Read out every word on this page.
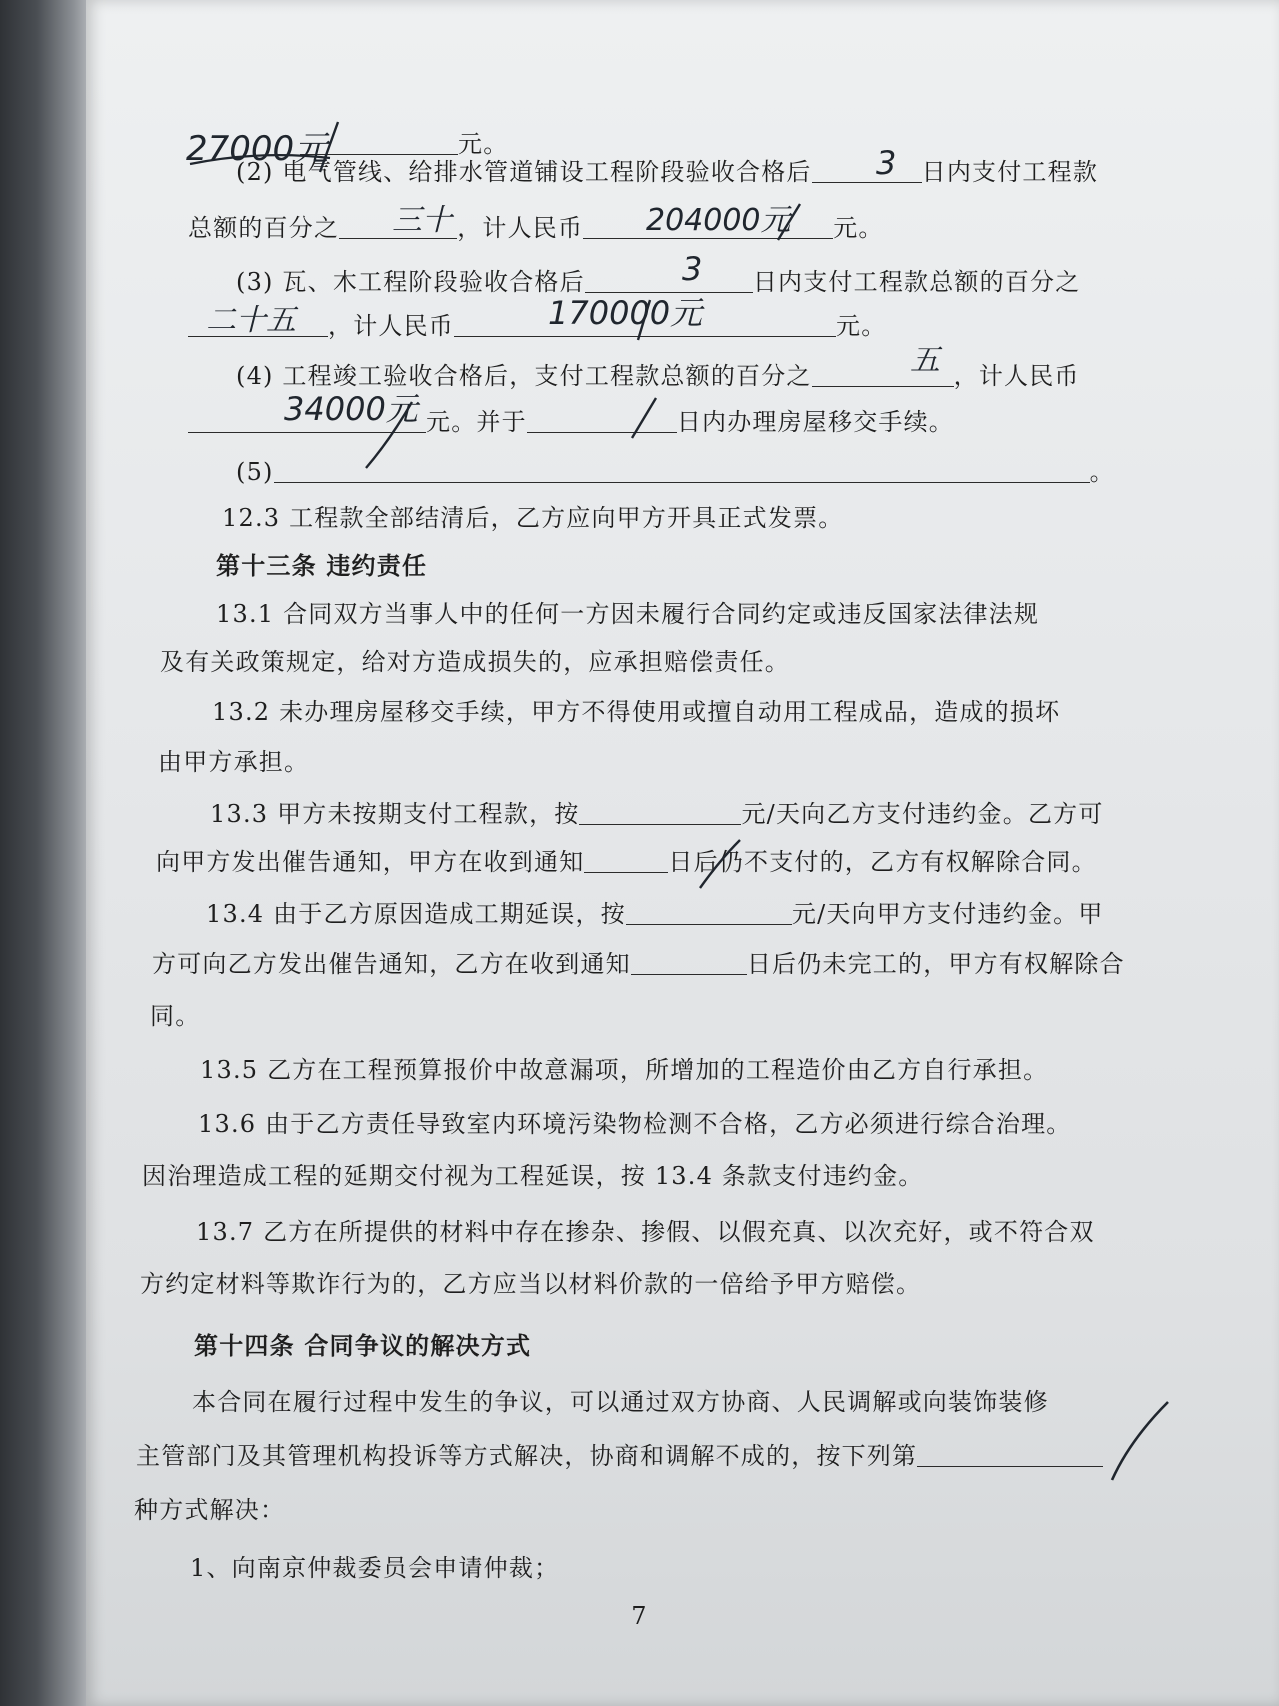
元。
(2) 电气管线、给排水管道铺设工程阶段验收合格后	日内支付工程款
总额的百分之	，计人民币	元。
(3) 瓦、木工程阶段验收合格后	日内支付工程款总额的百分之
，计人民币	元。
(4) 工程竣工验收合格后，支付工程款总额的百分之	，计人民币
元。并于	日内办理房屋移交手续。
(5)	。
12.3 工程款全部结清后，乙方应向甲方开具正式发票。
第十三条 违约责任
13.1 合同双方当事人中的任何一方因未履行合同约定或违反国家法律法规
及有关政策规定，给对方造成损失的，应承担赔偿责任。
13.2 未办理房屋移交手续，甲方不得使用或擅自动用工程成品，造成的损坏
由甲方承担。
13.3 甲方未按期支付工程款，按	元/天向乙方支付违约金。乙方可
向甲方发出催告通知，甲方在收到通知	日后仍不支付的，乙方有权解除合同。
13.4 由于乙方原因造成工期延误，按	元/天向甲方支付违约金。甲
方可向乙方发出催告通知，乙方在收到通知	日后仍未完工的，甲方有权解除合
同。
13.5 乙方在工程预算报价中故意漏项，所增加的工程造价由乙方自行承担。
13.6 由于乙方责任导致室内环境污染物检测不合格，乙方必须进行综合治理。
因治理造成工程的延期交付视为工程延误，按 13.4 条款支付违约金。
13.7 乙方在所提供的材料中存在掺杂、掺假、以假充真、以次充好，或不符合双
方约定材料等欺诈行为的，乙方应当以材料价款的一倍给予甲方赔偿。
第十四条 合同争议的解决方式
本合同在履行过程中发生的争议，可以通过双方协商、人民调解或向装饰装修
主管部门及其管理机构投诉等方式解决，协商和调解不成的，按下列第
种方式解决：
1、向南京仲裁委员会申请仲裁；
7
27000元	3
三十	204000元
3
二十五	170000元
五
34000元
